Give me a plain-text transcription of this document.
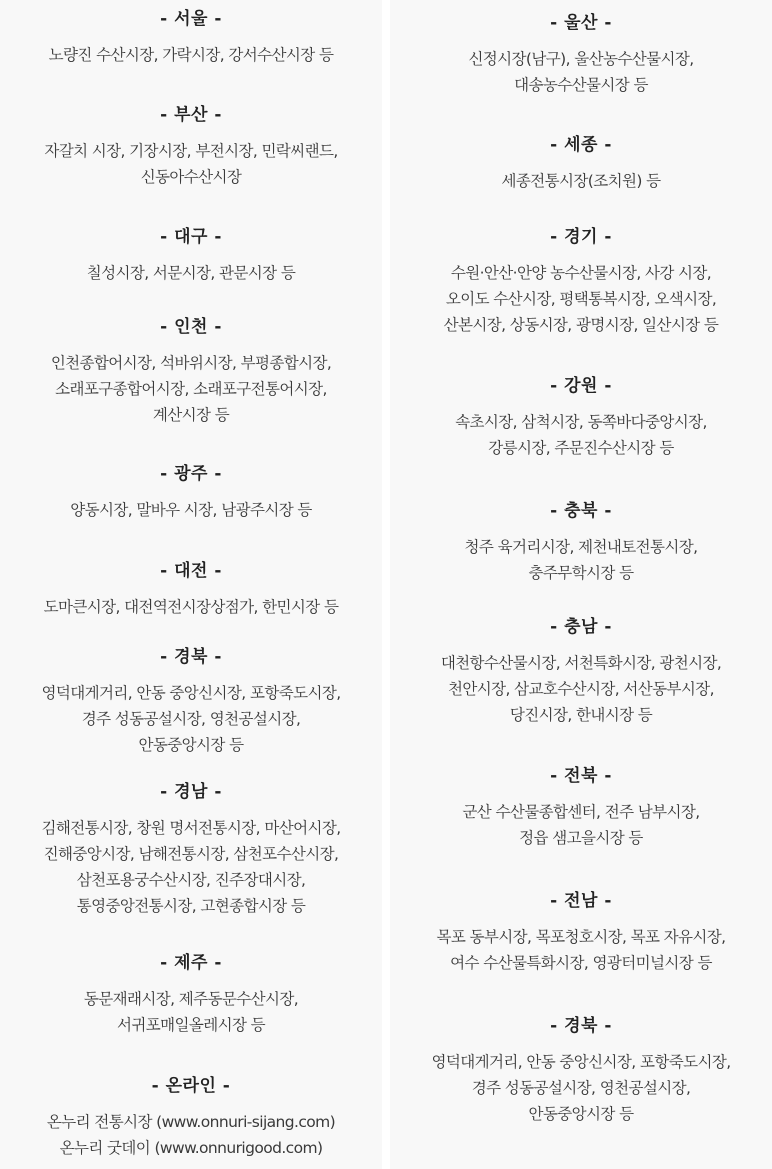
- 서울 -

노량진 수산시장, 가락시장, 강서수산시장 등

- 부산 -

자갈치 시장, 기장시장, 부전시장, 민락씨랜드,
신동아수산시장

- 대구 -

칠성시장, 서문시장, 관문시장 등

- 인천 -

인천종합어시장, 석바위시장, 부평종합시장,
소래포구종합어시장, 소래포구전통어시장,
계산시장 등

- 광주 -

양동시장, 말바우 시장, 남광주시장 등

- 대전 -

도마큰시장, 대전역전시장상점가, 한민시장 등

- 경북 -

영덕대게거리, 안동 중앙신시장, 포항죽도시장,
경주 성동공설시장, 영천공설시장,
안동중앙시장 등

- 경남 -

김해전통시장, 창원 명서전통시장, 마산어시장,
진해중앙시장, 남해전통시장, 삼천포수산시장,
삼천포용궁수산시장, 진주장대시장,
통영중앙전통시장, 고현종합시장 등

- 제주 -

동문재래시장, 제주동문수산시장,
서귀포매일올레시장 등

- 온라인 -

온누리 전통시장 (www.onnuri-sijang.com)
온누리 굿데이 (www.onnurigood.com)

- 울산 -

신정시장(남구), 울산농수산물시장,
대송농수산물시장 등

- 세종 -

세종전통시장(조치원) 등

- 경기 -

수원·안산·안양 농수산물시장, 사강 시장,
오이도 수산시장, 평택통복시장, 오색시장,
산본시장, 상동시장, 광명시장, 일산시장 등

- 강원 -

속초시장, 삼척시장, 동쪽바다중앙시장,
강릉시장, 주문진수산시장 등

- 충북 -

청주 육거리시장, 제천내토전통시장,
충주무학시장 등

- 충남 -

대천항수산물시장, 서천특화시장, 광천시장,
천안시장, 삼교호수산시장, 서산동부시장,
당진시장, 한내시장 등

- 전북 -

군산 수산물종합센터, 전주 남부시장,
정읍 샘고을시장 등

- 전남 -

목포 동부시장, 목포청호시장, 목포 자유시장,
여수 수산물특화시장, 영광터미널시장 등

- 경북 -

영덕대게거리, 안동 중앙신시장, 포항죽도시장,
경주 성동공설시장, 영천공설시장,
안동중앙시장 등
